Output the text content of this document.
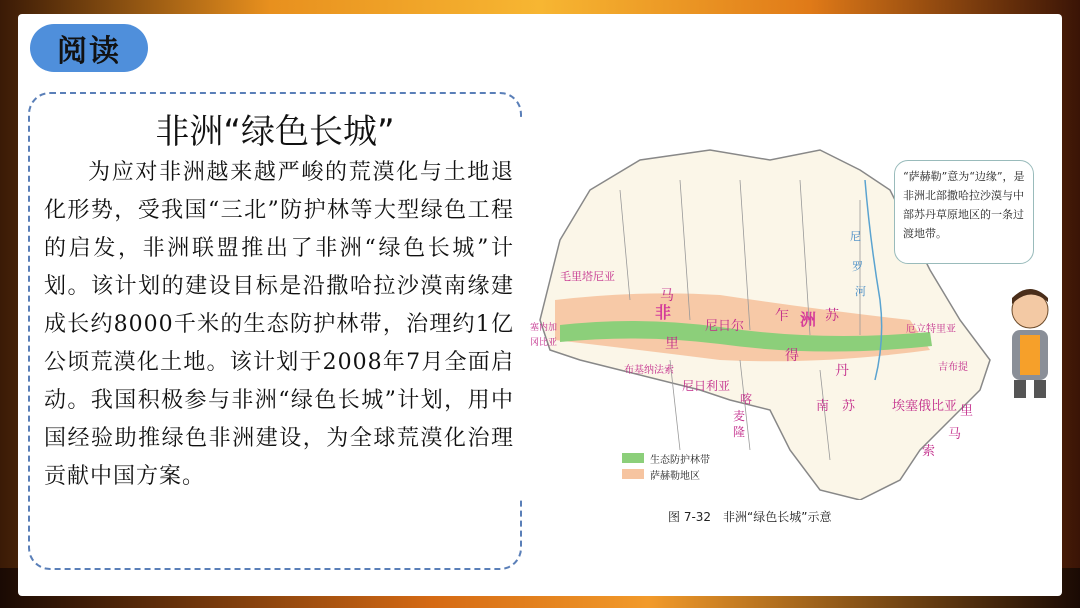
阅读
非洲“绿色长城”
为应对非洲越来越严峻的荒漠化与土地退化形势，受我国“三北”防护林等大型绿色工程的启发，非洲联盟推出了非洲“绿色长城”计划。该计划的建设目标是沿撒哈拉沙漠南缘建成长约8000千米的生态防护林带，治理约1亿公顷荒漠化土地。该计划于2008年7月全面启动。我国积极参与非洲“绿色长城”计划，用中国经验助推绿色非洲建设，为全球荒漠化治理贡献中国方案。
毛里塔尼亚
塞内加
冈比亚
布基纳法索
尼日利亚
厄立特里亚
吉布提
埃塞俄比亚
南　苏
马
里
尼日尔
乍
得
苏
丹
里
马
索
喀
麦
隆
非	洲
尼
罗
河
生态防护林带
萨赫勒地区
图 7-32　非洲“绿色长城”示意
“萨赫勒”意为“边缘”，是非洲北部撒哈拉沙漠与中部苏丹草原地区的一条过渡地带。
